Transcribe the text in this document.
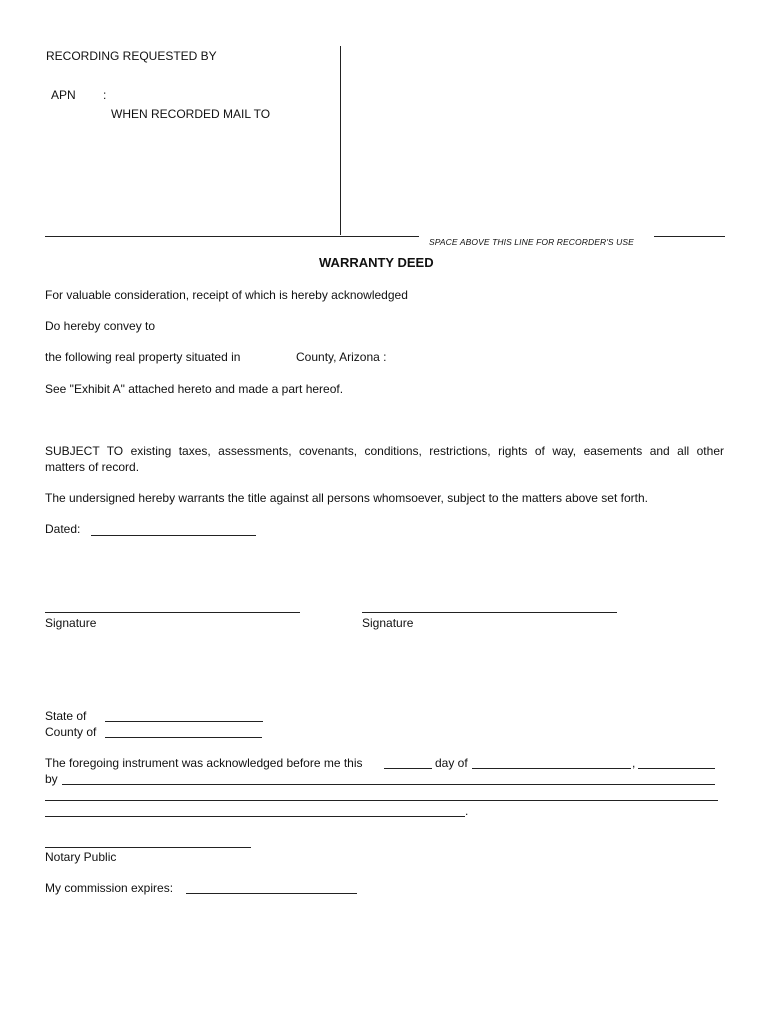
RECORDING REQUESTED BY
APN :
WHEN RECORDED MAIL TO
SPACE ABOVE THIS LINE FOR RECORDER'S USE
WARRANTY DEED
For valuable consideration, receipt of which is hereby acknowledged
Do hereby convey to
the following real property situated in	County, Arizona :
See "Exhibit A" attached hereto and made a part hereof.
SUBJECT TO existing taxes, assessments, covenants, conditions, restrictions, rights of way, easements and all other
matters of record.
The undersigned hereby warrants the title against all persons whomsoever, subject to the matters above set forth.
Dated:
Signature	Signature
State of
County of
The foregoing instrument was acknowledged before me this	day of	,
by
.
Notary Public
My commission expires:
